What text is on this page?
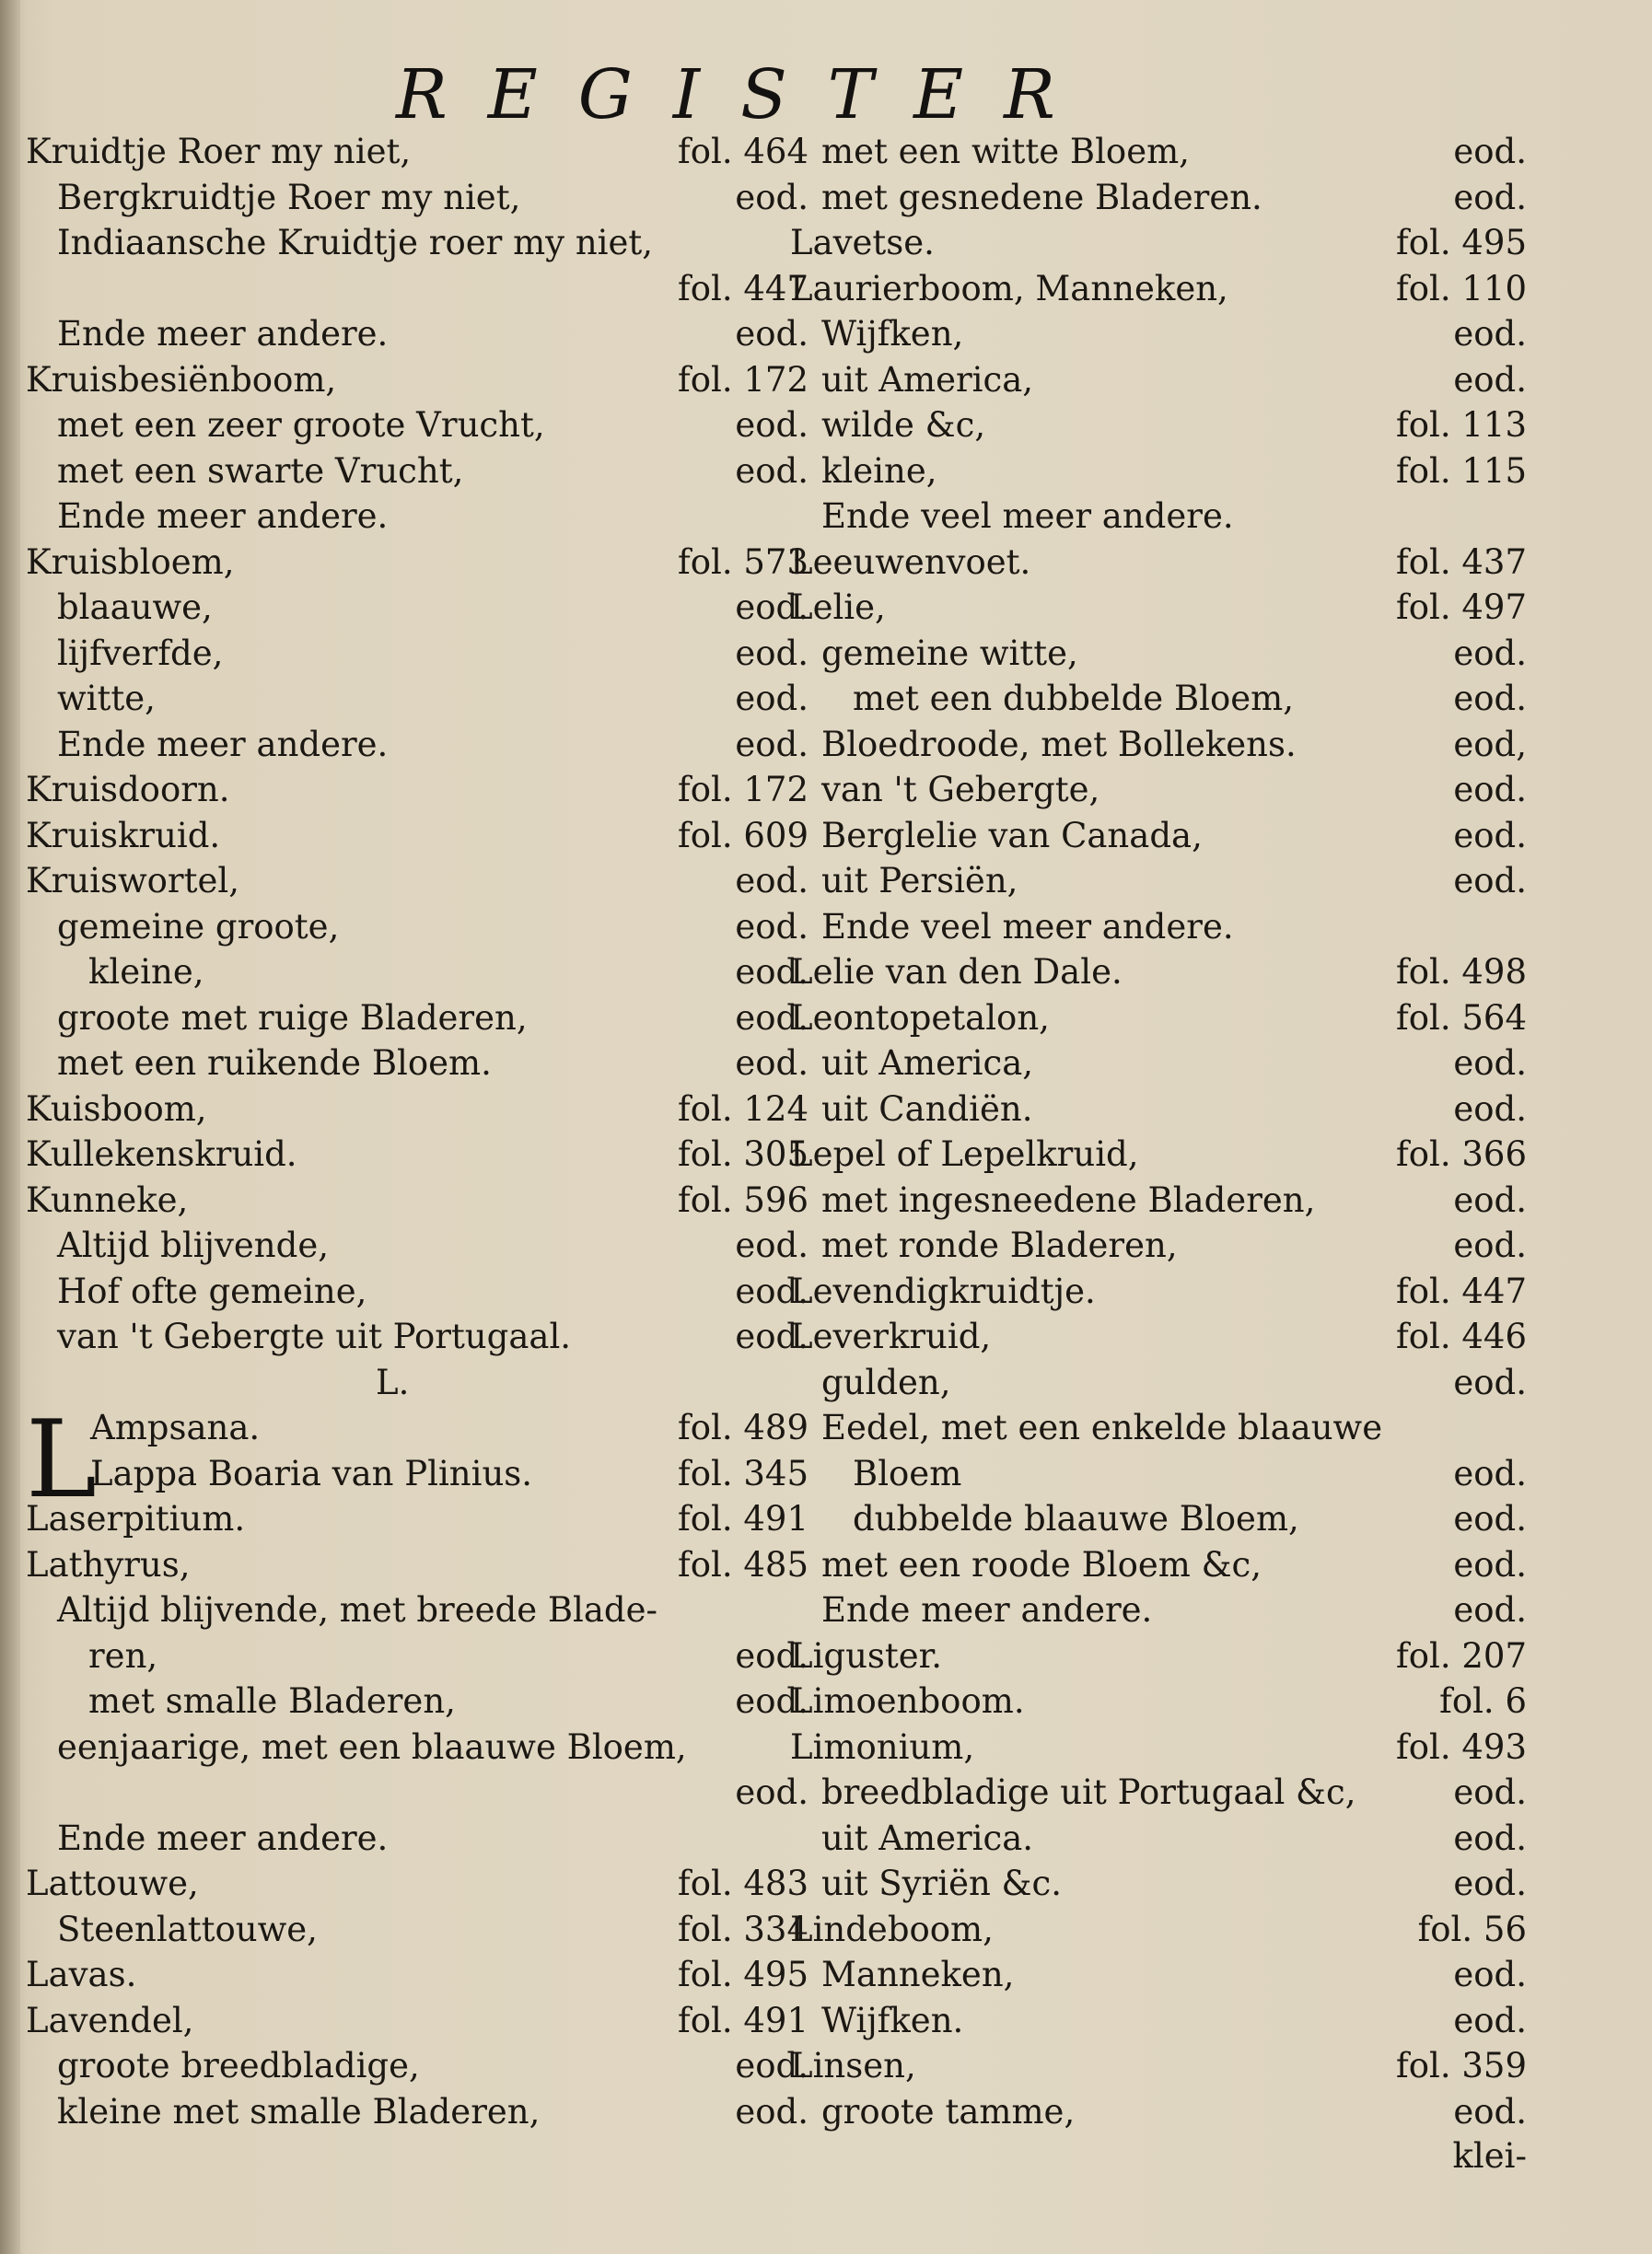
REGISTER
L
Kruidtje Roer my niet,	fol. 464
Bergkruidtje Roer my niet,	eod.
Indiaansche Kruidtje roer my niet,
fol. 447
Ende meer andere.	eod.
Kruisbesiënboom,	fol. 172
met een zeer groote Vrucht,	eod.
met een swarte Vrucht,	eod.
Ende meer andere.
Kruisbloem,	fol. 573
blaauwe,	eod.
lijfverfde,	eod.
witte,	eod.
Ende meer andere.	eod.
Kruisdoorn.	fol. 172
Kruiskruid.	fol. 609
Kruiswortel,	eod.
gemeine groote,	eod.
kleine,	eod.
groote met ruige Bladeren,	eod.
met een ruikende Bloem.	eod.
Kuisboom,	fol. 124
Kullekenskruid.	fol. 305
Kunneke,	fol. 596
Altijd blijvende,	eod.
Hof ofte gemeine,	eod.
van 't Gebergte uit Portugaal.	eod.
L.
Ampsana.	fol. 489
Lappa Boaria van Plinius.	fol. 345
Laserpitium.	fol. 491
Lathyrus,	fol. 485
Altijd blijvende, met breede Blade-
ren,	eod.
met smalle Bladeren,	eod.
eenjaarige, met een blaauwe Bloem,
eod.
Ende meer andere.
Lattouwe,	fol. 483
Steenlattouwe,	fol. 334
Lavas.	fol. 495
Lavendel,	fol. 491
groote breedbladige,	eod.
kleine met smalle Bladeren,	eod.
met een witte Bloem,	eod.
met gesnedene Bladeren.	eod.
Lavetse.	fol. 495
Laurierboom, Manneken,	fol. 110
Wijfken,	eod.
uit America,	eod.
wilde &c,	fol. 113
kleine,	fol. 115
Ende veel meer andere.
Leeuwenvoet.	fol. 437
Lelie,	fol. 497
gemeine witte,	eod.
met een dubbelde Bloem,	eod.
Bloedroode, met Bollekens.	eod,
van 't Gebergte,	eod.
Berglelie van Canada,	eod.
uit Persiën,	eod.
Ende veel meer andere.
Lelie van den Dale.	fol. 498
Leontopetalon,	fol. 564
uit America,	eod.
uit Candiën.	eod.
Lepel of Lepelkruid,	fol. 366
met ingesneedene Bladeren,	eod.
met ronde Bladeren,	eod.
Levendigkruidtje.	fol. 447
Leverkruid,	fol. 446
gulden,	eod.
Eedel, met een enkelde blaauwe
Bloem	eod.
dubbelde blaauwe Bloem,	eod.
met een roode Bloem &c,	eod.
Ende meer andere.	eod.
Liguster.	fol. 207
Limoenboom.	fol. 6
Limonium,	fol. 493
breedbladige uit Portugaal &c,	eod.
uit America.	eod.
uit Syriën &c.	eod.
Lindeboom,	fol. 56
Manneken,	eod.
Wijfken.	eod.
Linsen,	fol. 359
groote tamme,	eod.
klei-
